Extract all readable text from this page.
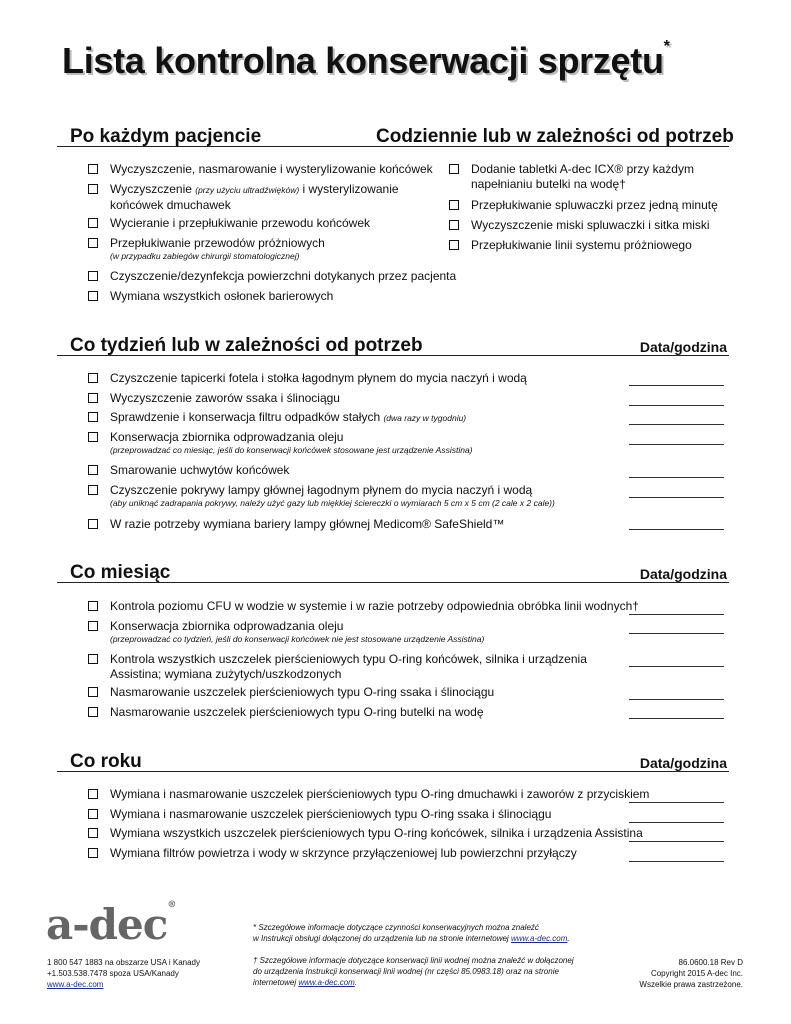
Lista kontrolna konserwacji sprzętu*
Po każdym pacjencie	Codziennie lub w zależności od potrzeb
Wyczyszczenie, nasmarowanie i wysterylizowanie końcówek
Wyczyszczenie (przy użyciu ultradźwięków) i wysterylizowanie
końcówek dmuchawek
Wycieranie i przepłukiwanie przewodu końcówek
Przepłukiwanie przewodów próżniowych
(w przypadku zabiegów chirurgii stomatologicznej)
Czyszczenie/dezynfekcja powierzchni dotykanych przez pacjenta
Wymiana wszystkich osłonek barierowych
Dodanie tabletki A-dec ICX® przy każdym
napełnianiu butelki na wodę†
Przepłukiwanie spluwaczki przez jedną minutę
Wyczyszczenie miski spluwaczki i sitka miski
Przepłukiwanie linii systemu próżniowego
Co tydzień lub w zależności od potrzeb	Data/godzina
Czyszczenie tapicerki fotela i stołka łagodnym płynem do mycia naczyń i wodą
Wyczyszczenie zaworów ssaka i ślinociągu
Sprawdzenie i konserwacja filtru odpadków stałych (dwa razy w tygodniu)
Konserwacja zbiornika odprowadzania oleju
(przeprowadzać co miesiąc, jeśli do konserwacji końcówek stosowane jest urządzenie Assistina)
Smarowanie uchwytów końcówek
Czyszczenie pokrywy lampy głównej łagodnym płynem do mycia naczyń i wodą
(aby uniknąć zadrapania pokrywy, należy użyć gazy lub miękkiej ściereczki o wymiarach 5 cm x 5 cm (2 cale x 2 cale))
W razie potrzeby wymiana bariery lampy głównej Medicom® SafeShield™
Co miesiąc	Data/godzina
Kontrola poziomu CFU w wodzie w systemie i w razie potrzeby odpowiednia obróbka linii wodnych†
Konserwacja zbiornika odprowadzania oleju
(przeprowadzać co tydzień, jeśli do konserwacji końcówek nie jest stosowane urządzenie Assistina)
Kontrola wszystkich uszczelek pierścieniowych typu O-ring końcówek, silnika i urządzenia
Assistina; wymiana zużytych/uszkodzonych
Nasmarowanie uszczelek pierścieniowych typu O-ring ssaka i ślinociągu
Nasmarowanie uszczelek pierścieniowych typu O-ring butelki na wodę
Co roku	Data/godzina
Wymiana i nasmarowanie uszczelek pierścieniowych typu O-ring dmuchawki i zaworów z przyciskiem
Wymiana i nasmarowanie uszczelek pierścieniowych typu O-ring ssaka i ślinociągu
Wymiana wszystkich uszczelek pierścieniowych typu O-ring końcówek, silnika i urządzenia Assistina
Wymiana filtrów powietrza i wody w skrzynce przyłączeniowej lub powierzchni przyłączy
a-dec®
1 800 547 1883 na obszarze USA i Kanady
+1.503.538.7478 spoza USA/Kanady
www.a-dec.com
* Szczegółowe informacje dotyczące czynności konserwacyjnych można znaleźć
w Instrukcji obsługi dołączonej do urządzenia lub na stronie internetowej www.a-dec.com.
† Szczegółowe informacje dotyczące konserwacji linii wodnej można znaleźć w dołączonej
do urządzenia Instrukcji konserwacji linii wodnej (nr części 85.0983.18) oraz na stronie
internetowej www.a-dec.com.
86.0600.18 Rev D
Copyright 2015 A-dec Inc.
Wszelkie prawa zastrzeżone.
